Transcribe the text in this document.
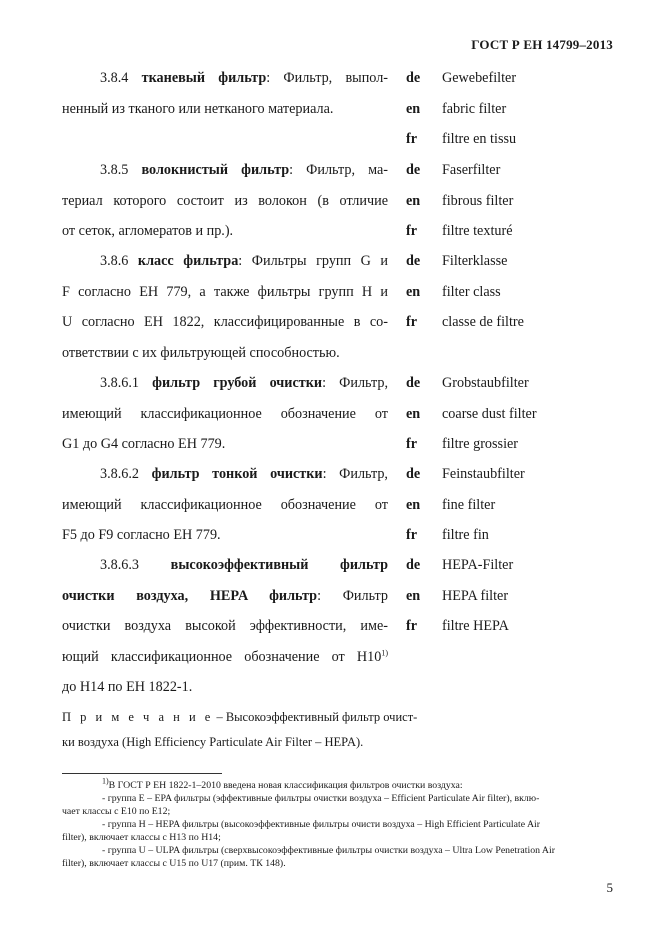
ГОСТ Р ЕН 14799–2013
3.8.4 тканевый фильтр: Фильтр, выпол-
ненный из тканого или нетканого материала.
de	Gewebefilter
en	fabric filter
fr	filtre en tissu
3.8.5 волокнистый фильтр: Фильтр, ма-
териал которого состоит из волокон (в отличие
от сеток, агломератов и пр.).
de	Faserfilter
en	fibrous filter
fr	filtre texturé
3.8.6 класс фильтра: Фильтры групп G и
F согласно ЕН 779, а также фильтры групп H и
U согласно ЕН 1822, классифицированные в со-
ответствии с их фильтрующей способностью.
de	Filterklasse
en	filter class
fr	classe de filtre
3.8.6.1 фильтр грубой очистки: Фильтр,
имеющий классификационное обозначение от
G1 до G4 согласно ЕН 779.
de	Grobstaubfilter
en	coarse dust filter
fr	filtre grossier
3.8.6.2 фильтр тонкой очистки: Фильтр,
имеющий классификационное обозначение от
F5 до F9 согласно ЕН 779.
de	Feinstaubfilter
en	fine filter
fr	filtre fin
3.8.6.3 высокоэффективный фильтр
очистки воздуха, HEPA фильтр: Фильтр
очистки воздуха высокой эффективности, име-
ющий классификационное обозначение от H10$^{1)}$
до H14 по ЕН 1822-1.
de	HEPA-Filter
en	HEPA filter
fr	filtre HEPA
П р и м е ч а н и е – Высокоэффективный фильтр очист-
ки воздуха (High Efficiency Particulate Air Filter – HEPA).
$^{1)}$В ГОСТ Р ЕН 1822-1–2010 введена новая классификация фильтров очистки воздуха:
- группа Е – EPA фильтры (эффективные фильтры очистки воздуха – Efficient Particulate Air filter), вклю-
чает классы с Е10 по Е12;
- группа Н – HEPA фильтры (высокоэффективные фильтры очисти воздуха – High Efficient Particulate Air
filter), включает классы с Н13 по Н14;
- группа U – ULPA фильтры (сверхвысокоэффективные фильтры очистки воздуха – Ultra Low Penetration Air
filter), включает классы с U15 по U17 (прим. ТК 148).
5
